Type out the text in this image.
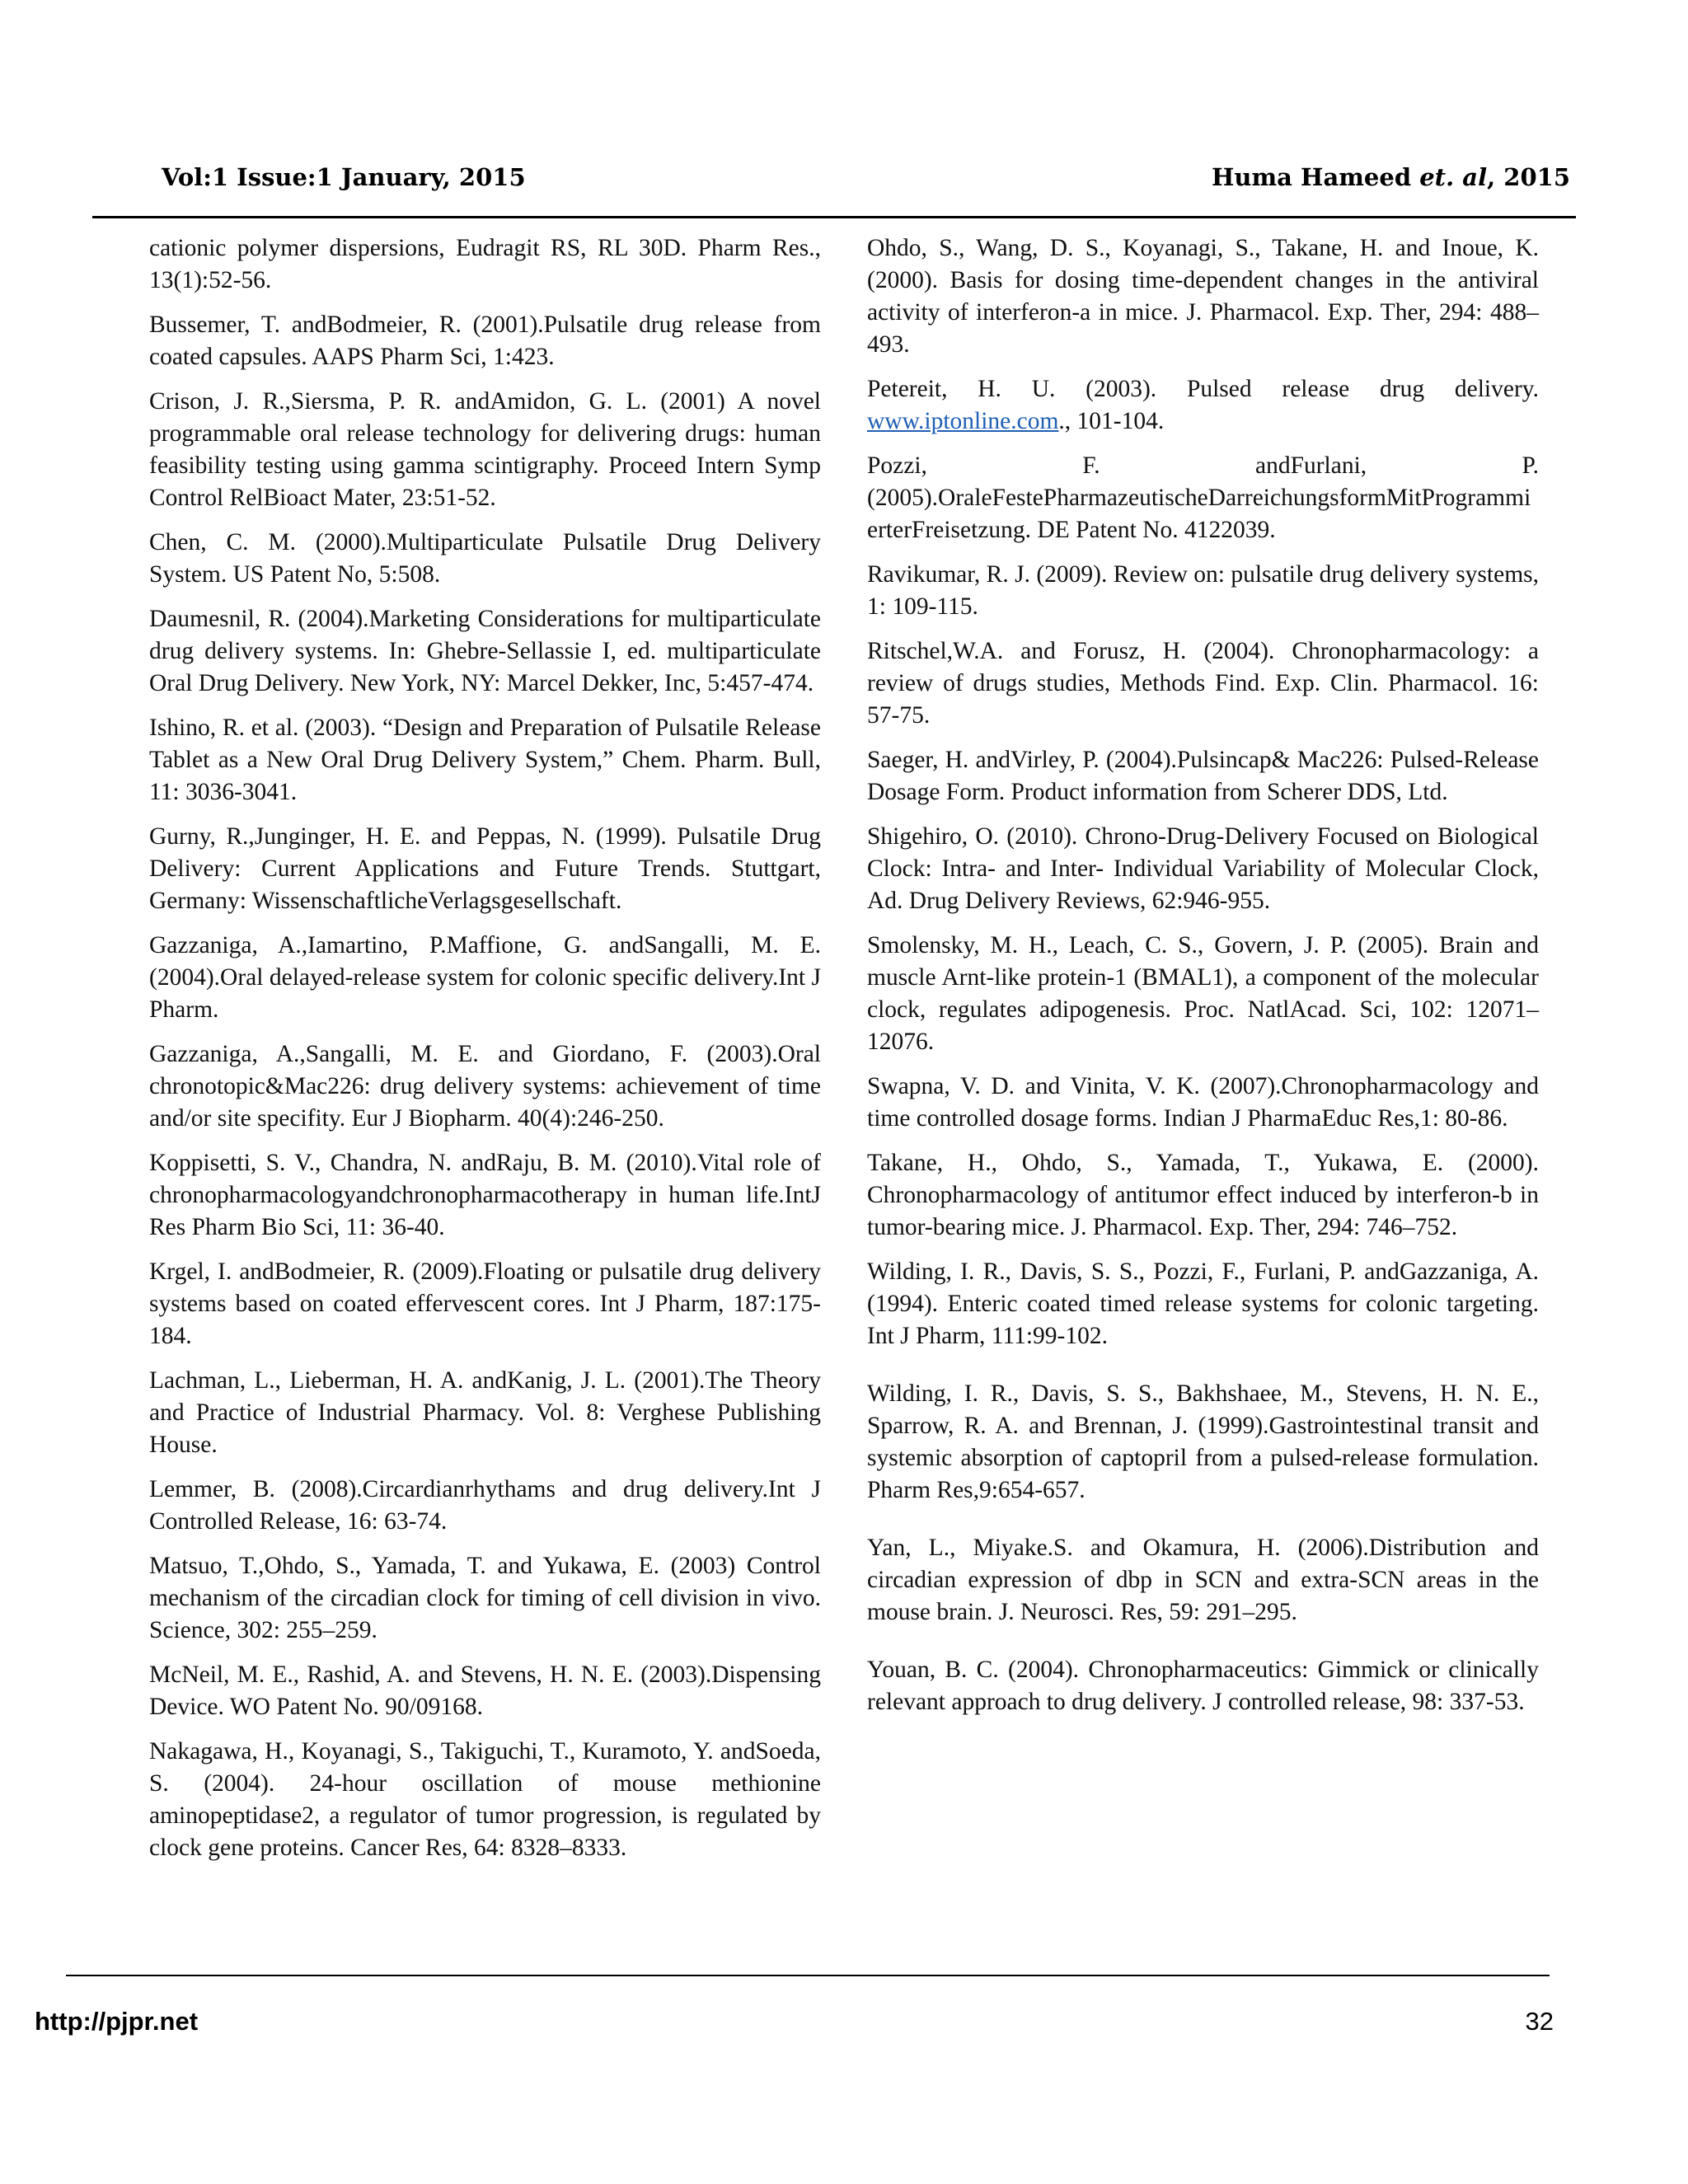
Vol:1 Issue:1 January, 2015	Huma Hameed et. al, 2015

cationic polymer dispersions, Eudragit RS, RL 30D. Pharm Res., 13(1):52-56.

Bussemer, T. andBodmeier, R. (2001).Pulsatile drug release from coated capsules. AAPS Pharm Sci, 1:423.

Crison, J. R.,Siersma, P. R. andAmidon, G. L. (2001) A novel programmable oral release technology for delivering drugs: human feasibility testing using gamma scintigraphy. Proceed Intern Symp Control RelBioact Mater, 23:51-52.

Chen, C. M. (2000).Multiparticulate Pulsatile Drug Delivery System. US Patent No, 5:508.

Daumesnil, R. (2004).Marketing Considerations for multiparticulate drug delivery systems. In: Ghebre-Sellassie I, ed. multiparticulate Oral Drug Delivery. New York, NY: Marcel Dekker, Inc, 5:457-474.

Ishino, R. et al. (2003). “Design and Preparation of Pulsatile Release Tablet as a New Oral Drug Delivery System,” Chem. Pharm. Bull, 11: 3036-3041.

Gurny, R.,Junginger, H. E. and Peppas, N. (1999). Pulsatile Drug Delivery: Current Applications and Future Trends. Stuttgart, Germany: WissenschaftlicheVerlagsgesellschaft.

Gazzaniga, A.,Iamartino, P.Maffione, G. andSangalli, M. E. (2004).Oral delayed-release system for colonic specific delivery.Int J Pharm.

Gazzaniga, A.,Sangalli, M. E. and Giordano, F. (2003).Oral chronotopic&Mac226: drug delivery systems: achievement of time and/or site specifity. Eur J Biopharm. 40(4):246-250.

Koppisetti, S. V., Chandra, N. andRaju, B. M. (2010).Vital role of chronopharmacologyandchronopharmacotherapy in human life.IntJ Res Pharm Bio Sci, 11: 36-40.

Krgel, I. andBodmeier, R. (2009).Floating or pulsatile drug delivery systems based on coated effervescent cores. Int J Pharm, 187:175-184.

Lachman, L., Lieberman, H. A. andKanig, J. L. (2001).The Theory and Practice of Industrial Pharmacy. Vol. 8: Verghese Publishing House.

Lemmer, B. (2008).Circardianrhythams and drug delivery.Int J Controlled Release, 16: 63-74.

Matsuo, T.,Ohdo, S., Yamada, T. and Yukawa, E. (2003) Control mechanism of the circadian clock for timing of cell division in vivo. Science, 302: 255–259.

McNeil, M. E., Rashid, A. and Stevens, H. N. E. (2003).Dispensing Device. WO Patent No. 90/09168.

Nakagawa, H., Koyanagi, S., Takiguchi, T., Kuramoto, Y. andSoeda, S. (2004). 24-hour oscillation of mouse methionine aminopeptidase2, a regulator of tumor progression, is regulated by clock gene proteins. Cancer Res, 64: 8328–8333.

Ohdo, S., Wang, D. S., Koyanagi, S., Takane, H. and Inoue, K. (2000). Basis for dosing time-dependent changes in the antiviral activity of interferon-a in mice. J. Pharmacol. Exp. Ther, 294: 488–493.

Petereit, H. U. (2003). Pulsed release drug delivery. www.iptonline.com., 101-104.

Pozzi, F. andFurlani, P.
(2005).OraleFestePharmazeutischeDarreichungsformMitProgrammierterFreisetzung. DE Patent No. 4122039.

Ravikumar, R. J. (2009). Review on: pulsatile drug delivery systems, 1: 109-115.

Ritschel,W.A. and Forusz, H. (2004). Chronopharmacology: a review of drugs studies, Methods Find. Exp. Clin. Pharmacol. 16: 57-75.

Saeger, H. andVirley, P. (2004).Pulsincap& Mac226: Pulsed-Release Dosage Form. Product information from Scherer DDS, Ltd.

Shigehiro, O. (2010). Chrono-Drug-Delivery Focused on Biological Clock: Intra- and Inter- Individual Variability of Molecular Clock, Ad. Drug Delivery Reviews, 62:946-955.

Smolensky, M. H., Leach, C. S., Govern, J. P. (2005). Brain and muscle Arnt-like protein-1 (BMAL1), a component of the molecular clock, regulates adipogenesis. Proc. NatlAcad. Sci, 102: 12071–12076.

Swapna, V. D. and Vinita, V. K. (2007).Chronopharmacology and time controlled dosage forms. Indian J PharmaEduc Res,1: 80-86.

Takane, H., Ohdo, S., Yamada, T., Yukawa, E. (2000). Chronopharmacology of antitumor effect induced by interferon-b in tumor-bearing mice. J. Pharmacol. Exp. Ther, 294: 746–752.

Wilding, I. R., Davis, S. S., Pozzi, F., Furlani, P. andGazzaniga, A. (1994). Enteric coated timed release systems for colonic targeting. Int J Pharm, 111:99-102.

Wilding, I. R., Davis, S. S., Bakhshaee, M., Stevens, H. N. E., Sparrow, R. A. and Brennan, J. (1999).Gastrointestinal transit and systemic absorption of captopril from a pulsed-release formulation. Pharm Res,9:654-657.

Yan, L., Miyake.S. and Okamura, H. (2006).Distribution and circadian expression of dbp in SCN and extra-SCN areas in the mouse brain. J. Neurosci. Res, 59: 291–295.

Youan, B. C. (2004). Chronopharmaceutics: Gimmick or clinically relevant approach to drug delivery. J controlled release, 98: 337-53.

http://pjpr.net	32
